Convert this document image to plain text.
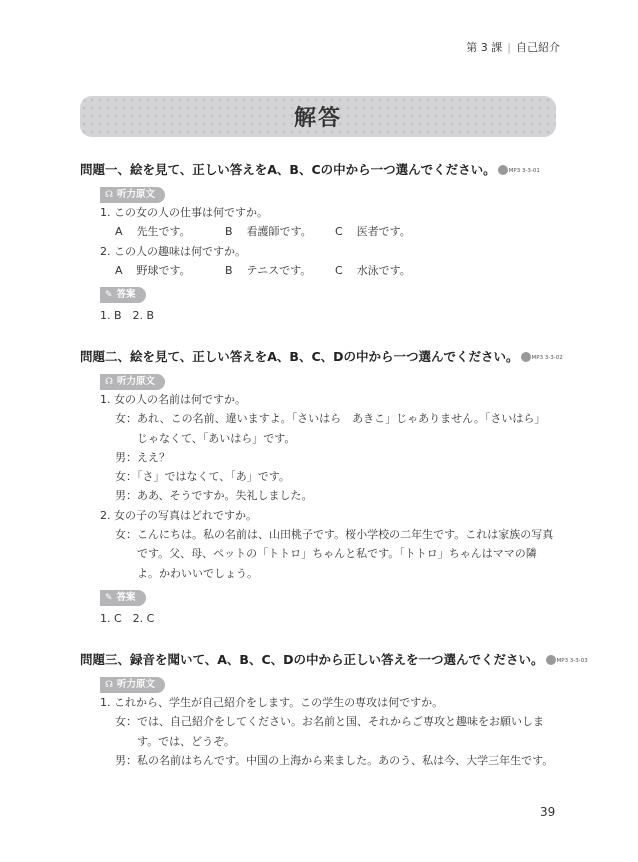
第 3 課 | 自己紹介
解答
問題一、絵を見て、正しい答えをA、B、Cの中から一つ選んでください。 MP3 3-3-01
☊ 听力原文
1. この女の人の仕事は何ですか。
A 先生です。	B 看護師です。 C 医者です。
2. この人の趣味は何ですか。
A 野球です。	B テニスです。 C 水泳です。
✎ 答案
1. B　2. B
問題二、絵を見て、正しい答えをA、B、C、Dの中から一つ選んでください。 MP3 3-3-02
☊ 听力原文
1. 女の人の名前は何ですか。
女：あれ、この名前、違いますよ。「さいはら　あきこ」じゃありません。「さいはら」
じゃなくて、「あいはら」です。
男：ええ？
女：「さ」ではなくて、「あ」です。
男：ああ、そうですか。失礼しました。
2. 女の子の写真はどれですか。
女：こんにちは。私の名前は、山田桃子です。桜小学校の二年生です。これは家族の写真
です。父、母、ペットの「トトロ」ちゃんと私です。「トトロ」ちゃんはママの隣
よ。かわいいでしょう。
✎ 答案
1. C　2. C
問題三、録音を聞いて、A、B、C、Dの中から正しい答えを一つ選んでください。 MP3 3-3-03
☊ 听力原文
1. これから、学生が自己紹介をします。この学生の専攻は何ですか。
女：では、自己紹介をしてください。お名前と国、それからご専攻と趣味をお願いしま
す。では、どうぞ。
男：私の名前はちんです。中国の上海から来ました。あのう、私は今、大学三年生です。
39
